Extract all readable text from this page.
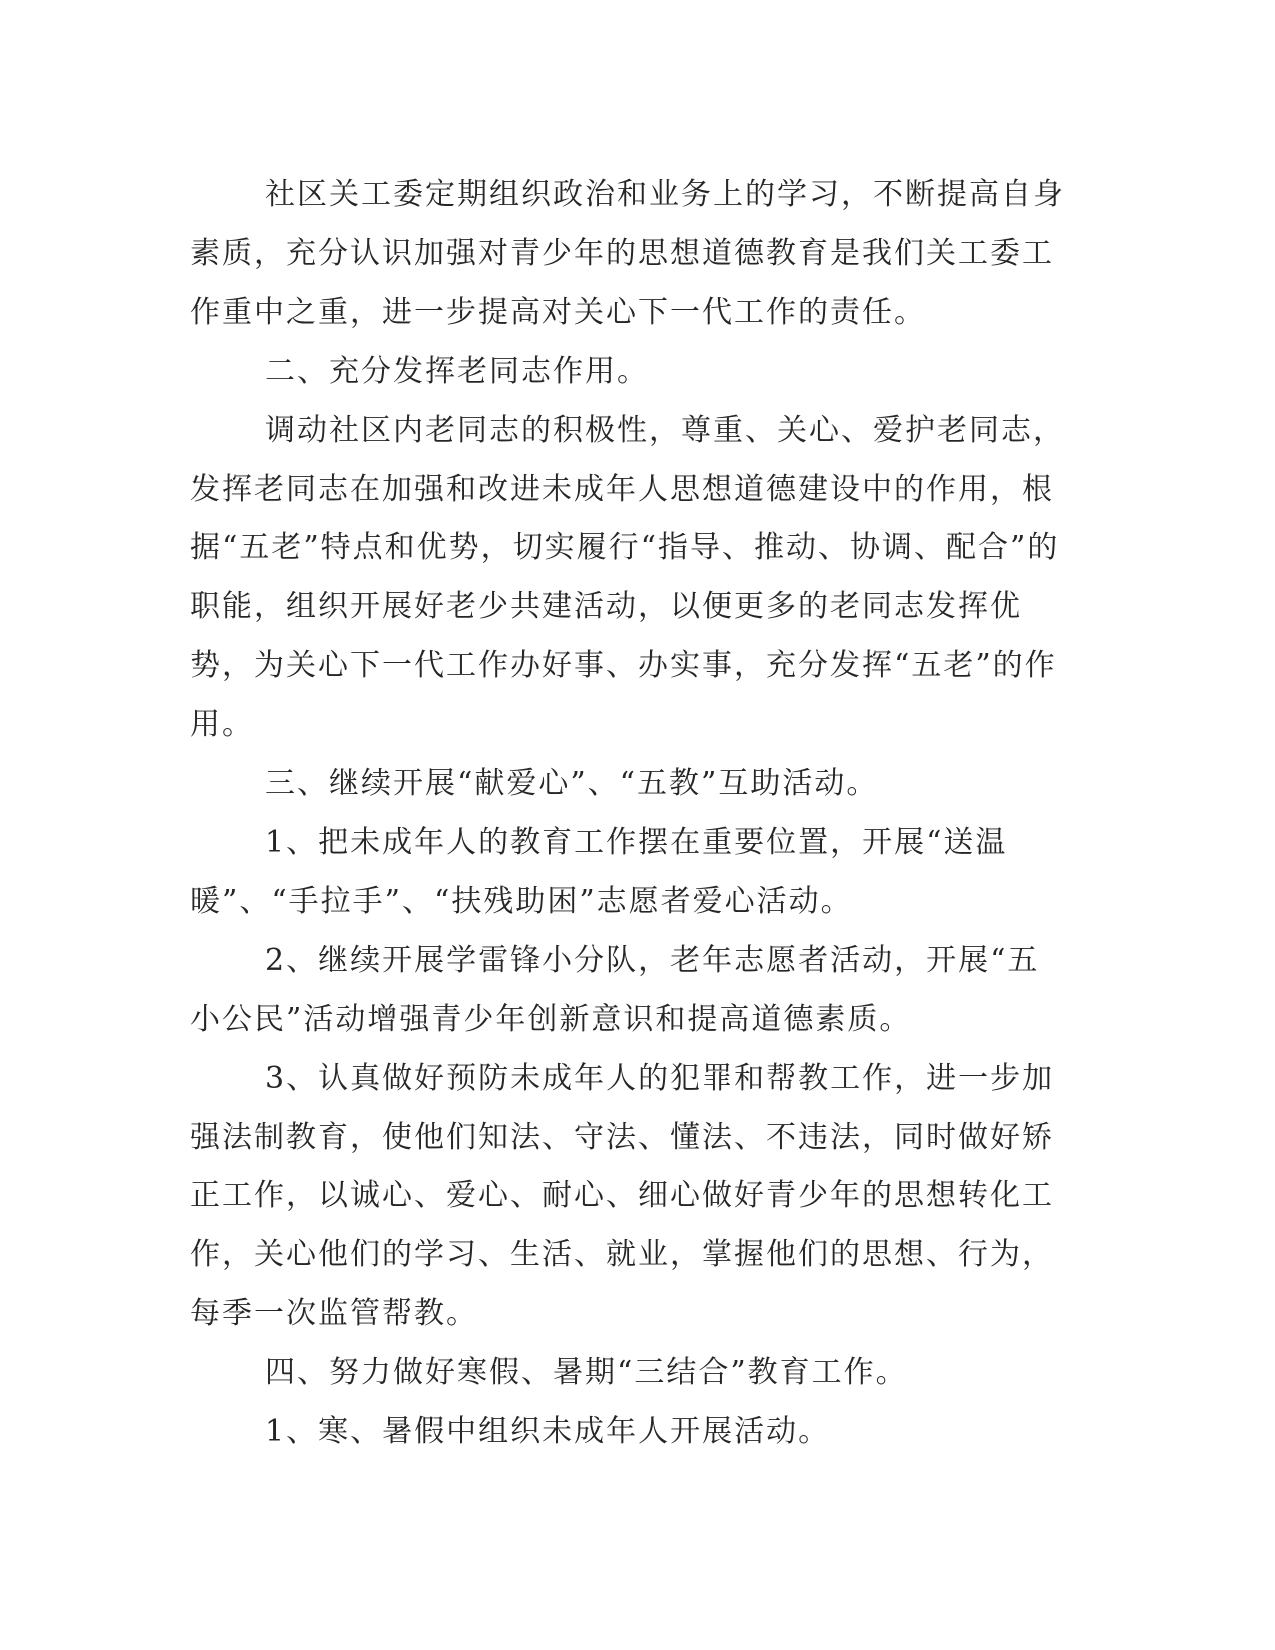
社区关工委定期组织政治和业务上的学习，不断提高自身素质，充分认识加强对青少年的思想道德教育是我们关工委工作重中之重，进一步提高对关心下一代工作的责任。

二、充分发挥老同志作用。

调动社区内老同志的积极性，尊重、关心、爱护老同志，发挥老同志在加强和改进未成年人思想道德建设中的作用，根据“五老”特点和优势，切实履行“指导、推动、协调、配合”的职能，组织开展好老少共建活动，以便更多的老同志发挥优势，为关心下一代工作办好事、办实事，充分发挥“五老”的作用。

三、继续开展“献爱心”、“五教”互助活动。

1、把未成年人的教育工作摆在重要位置，开展“送温暖”、“手拉手”、“扶残助困”志愿者爱心活动。

2、继续开展学雷锋小分队，老年志愿者活动，开展“五小公民”活动增强青少年创新意识和提高道德素质。

3、认真做好预防未成年人的犯罪和帮教工作，进一步加强法制教育，使他们知法、守法、懂法、不违法，同时做好矫正工作，以诚心、爱心、耐心、细心做好青少年的思想转化工作，关心他们的学习、生活、就业，掌握他们的思想、行为，每季一次监管帮教。

四、努力做好寒假、暑期“三结合”教育工作。

1、寒、暑假中组织未成年人开展活动。
